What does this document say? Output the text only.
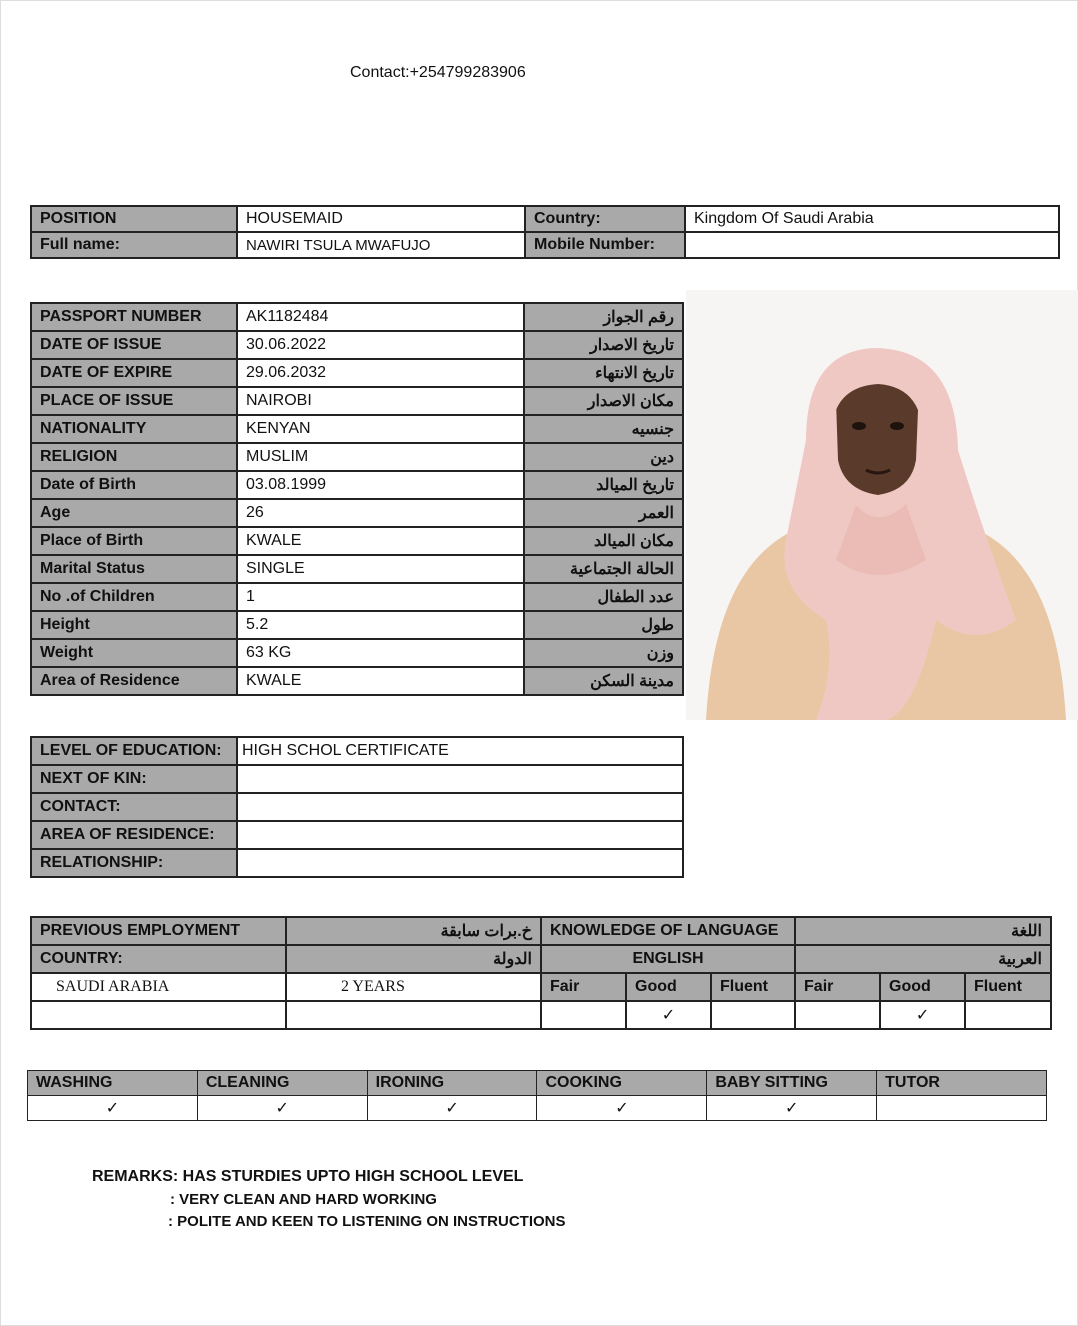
Contact:+254799283906
POSITION	HOUSEMAID	Country:	Kingdom Of Saudi Arabia
Full name:	NAWIRI TSULA MWAFUJO	Mobile Number:	
PASSPORT NUMBER	AK1182484	رقم الجواز
DATE OF ISSUE	30.06.2022	تاريخ الاصدار
DATE OF EXPIRE	29.06.2032	تاريخ الانتهاء
PLACE OF ISSUE	NAIROBI	مكان الاصدار
NATIONALITY	KENYAN	جنسيه
RELIGION	MUSLIM	دين
Date of Birth	03.08.1999	تاريخ الميالد
Age	26	العمر
Place of Birth	KWALE	مكان الميالد
Marital Status	SINGLE	الحالة الجتماعية
No .of Children	1	عدد الطفال
Height	5.2	طول
Weight	63 KG	وزن
Area of Residence	KWALE	مدينة السكن
LEVEL OF EDUCATION:	HIGH SCHOL CERTIFICATE
NEXT OF KIN:	
CONTACT:	
AREA OF RESIDENCE:	
RELATIONSHIP:	
PREVIOUS EMPLOYMENT	خ.برات سابقة	KNOWLEDGE OF LANGUAGE			اللغة		
COUNTRY:	الدولة	ENGLISH			العربية		
SAUDI ARABIA	2 YEARS	Fair	Good	Fluent	Fair	Good	Fluent
			✓			✓	
WASHING	CLEANING	IRONING	COOKING	BABY SITTING	TUTOR
✓	✓	✓	✓	✓	
REMARKS: HAS STURDIES UPTO HIGH SCHOOL LEVEL
: VERY CLEAN AND HARD WORKING
: POLITE AND KEEN TO LISTENING ON INSTRUCTIONS
